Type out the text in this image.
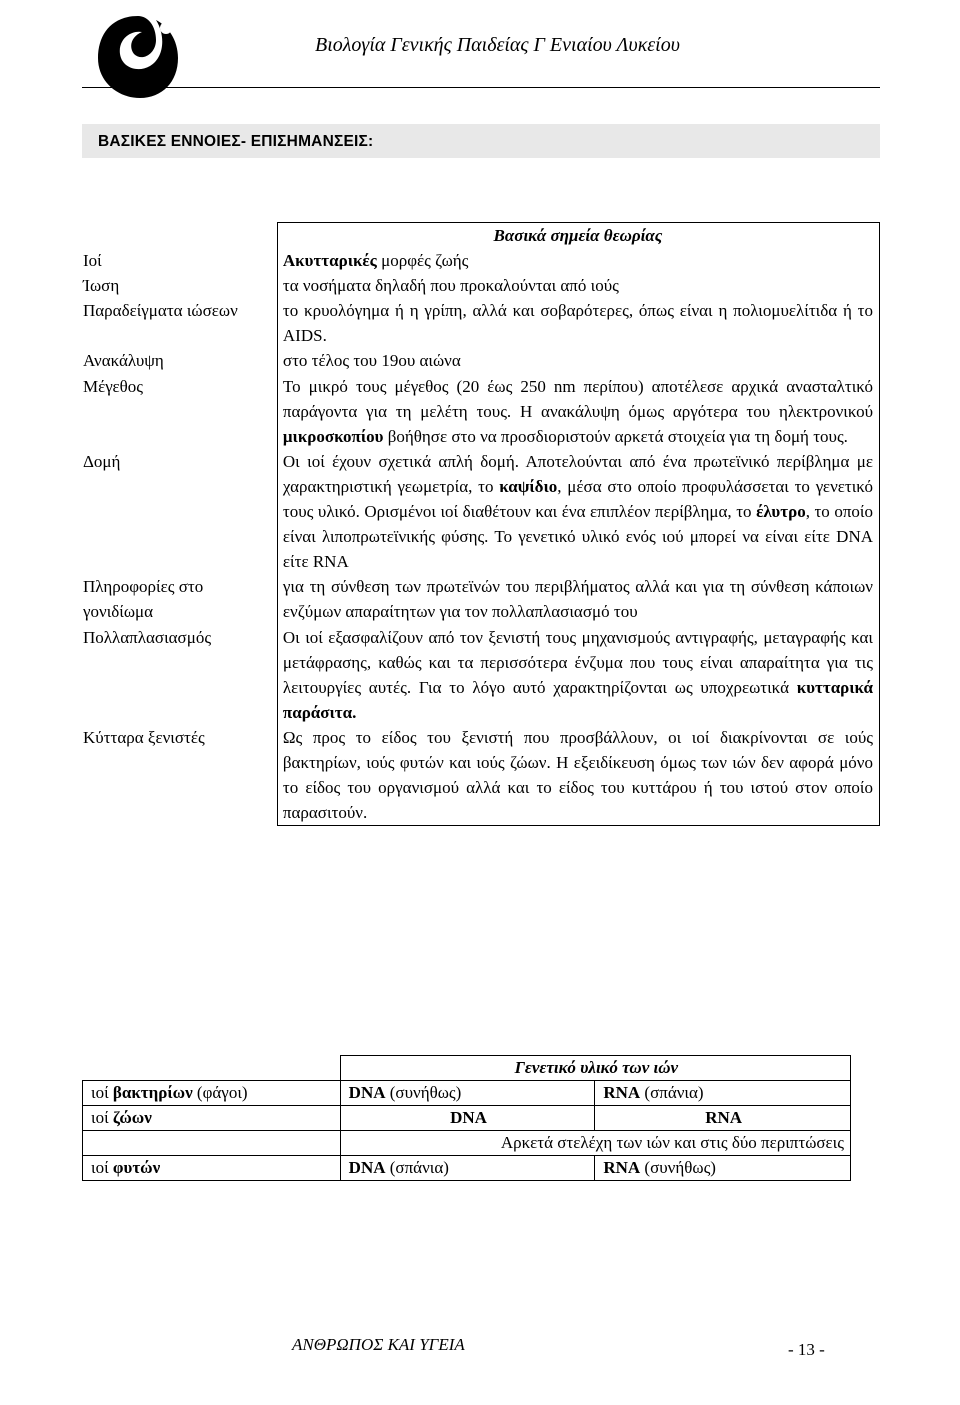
Βιολογία Γενικής Παιδείας Γ Ενιαίου Λυκείου
ΒΑΣΙΚΕΣ ΕΝΝΟΙΕΣ- ΕΠΙΣΗΜΑΝΣΕΙΣ:
	Βασικά σημεία θεωρίας
Ιοί	Ακυτταρικές μορφές ζωής
Ίωση	τα νοσήματα δηλαδή που προκαλούνται από ιούς
Παραδείγματα ιώσεων	το κρυολόγημα ή η γρίπη, αλλά και σοβαρότερες, όπως είναι η πολιομυελίτιδα ή το AIDS.
Ανακάλυψη	στο τέλος του 19ου αιώνα
Μέγεθος	Το μικρό τους μέγεθος (20 έως 250 nm περίπου) αποτέλεσε αρχικά ανασταλτικό παράγοντα για τη μελέτη τους. Η ανακάλυψη όμως αργότερα του ηλεκτρονικού μικροσκοπίου βοήθησε στο να προσδιοριστούν αρκετά στοιχεία για τη δομή τους.
Δομή	Οι ιοί έχουν σχετικά απλή δομή. Αποτελούνται από ένα πρωτεϊνικό περίβλημα με χαρακτηριστική γεωμετρία, το καψίδιο, μέσα στο οποίο προφυλάσσεται το γενετικό τους υλικό. Ορισμένοι ιοί διαθέτουν και ένα επιπλέον περίβλημα, το έλυτρο, το οποίο είναι λιποπρωτεϊνικής φύσης. Το γενετικό υλικό ενός ιού μπορεί να είναι είτε DNA είτε RNA
Πληροφορίες στο γονιδίωμα	για τη σύνθεση των πρωτεϊνών του περιβλήματος αλλά και για τη σύνθεση κάποιων ενζύμων απαραίτητων για τον πολλαπλασιασμό του
Πολλαπλασιασμός	Οι ιοί εξασφαλίζουν από τον ξενιστή τους μηχανισμούς αντιγραφής, μεταγραφής και μετάφρασης, καθώς και τα περισσότερα ένζυμα που τους είναι απαραίτητα για τις λειτουργίες αυτές. Για το λόγο αυτό χαρακτηρίζονται ως υποχρεωτικά κυτταρικά παράσιτα.
Κύτταρα ξενιστές	Ως προς το είδος του ξενιστή που προσβάλλουν, οι ιοί διακρίνονται σε ιούς βακτηρίων, ιούς φυτών και ιούς ζώων. Η εξειδίκευση όμως των ιών δεν αφορά μόνο το είδος του οργανισμού αλλά και το είδος του κυττάρου ή του ιστού στον οποίο παρασιτούν.
	Γενετικό υλικό των ιών	
ιοί βακτηρίων (φάγοι)	DNA (συνήθως)	RNA (σπάνια)
ιοί ζώων	DNA	RNA
	Αρκετά στελέχη των ιών και στις δύο περιπτώσεις	
ιοί φυτών	DNA (σπάνια)	RNA (συνήθως)
ΑΝΘΡΩΠΟΣ ΚΑΙ ΥΓΕΙΑ	- 13 -
